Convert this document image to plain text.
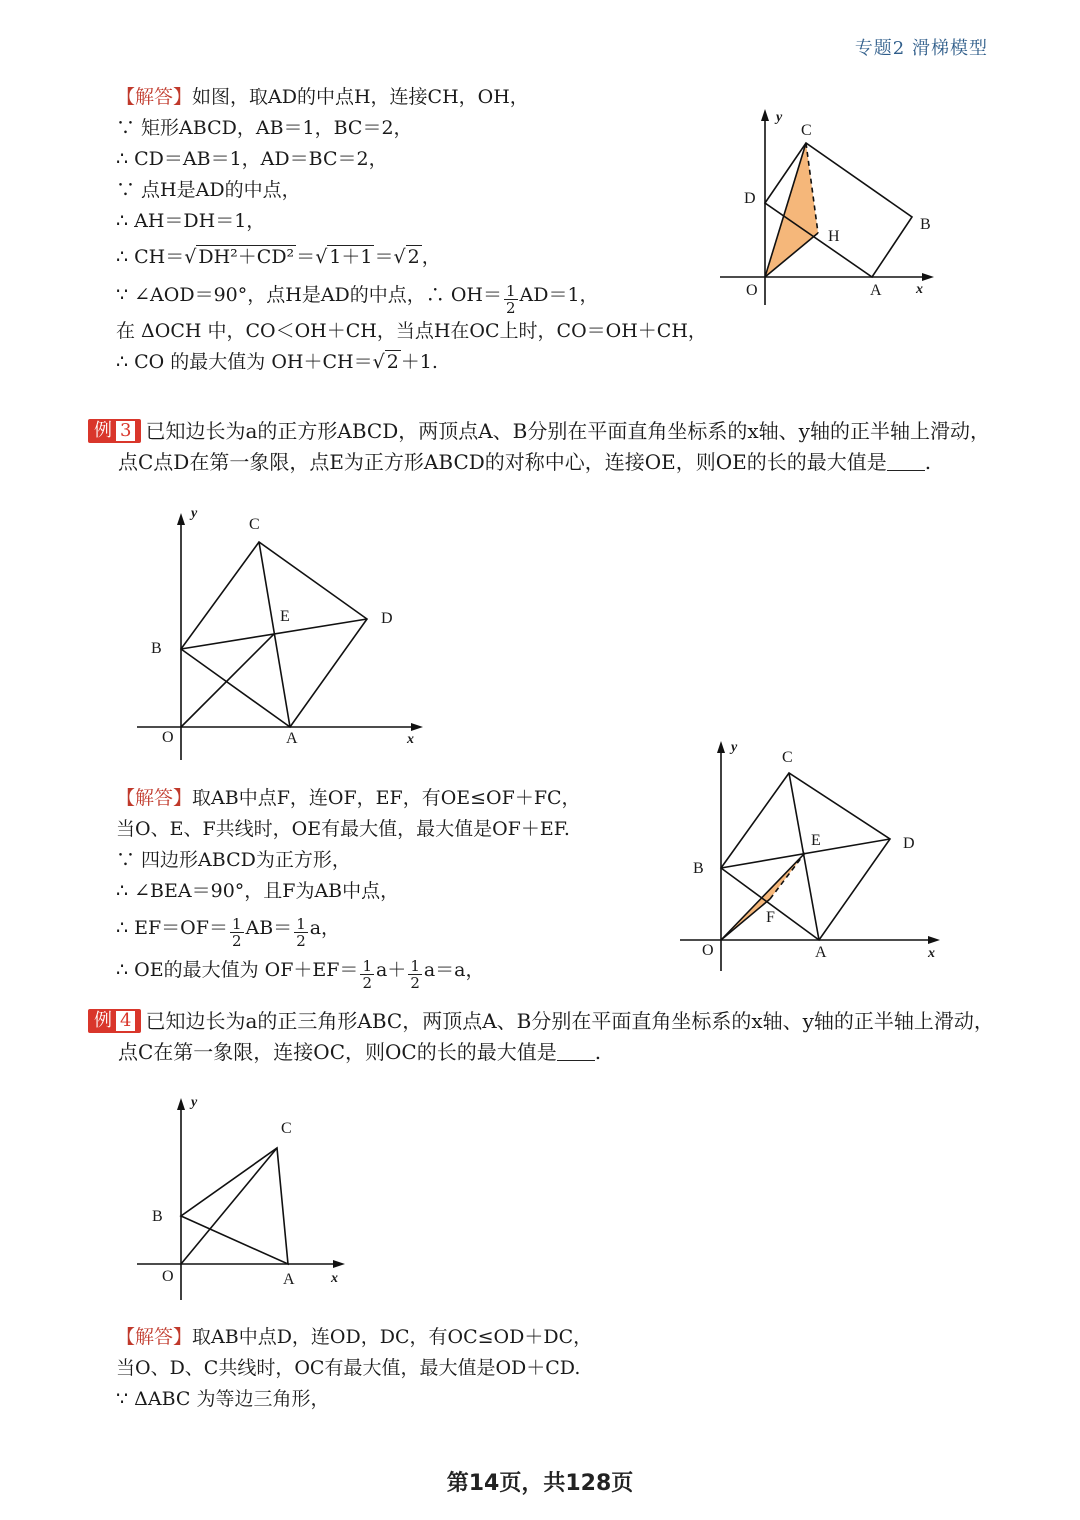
专题2 滑梯模型
【解答】如图，取AD的中点H，连接CH，OH，
∵ 矩形ABCD，AB＝1，BC＝2，
∴ CD＝AB＝1，AD＝BC＝2，
∵ 点H是AD的中点，
∴ AH＝DH＝1，
∴ CH＝√ DH²＋CD² ＝√ 1＋1 ＝√ 2 ，
∵ ∠AOD＝90°，点H是AD的中点，∴ $OH= \frac{1}{2} AD=1$，
在 ΔOCH 中，CO＜OH＋CH，当点H在OC上时，CO＝OH＋CH，
∴ CO 的最大值为 OH＋CH＝√ 2 ＋1.
y
x
O	A
B
C
D
H
例 3 已知边长为a的正方形ABCD，两顶点A、B分别在平面直角坐标系的x轴、y轴的正半轴上滑动，
点C点D在第一象限，点E为正方形ABCD的对称中心，连接OE，则OE的长的最大值是 .
y
x
O	A
B
C
D
E
【解答】取AB中点F，连OF，EF，有OE≤OF＋FC，
当O、E、F共线时，OE有最大值，最大值是OF＋EF.
∵ 四边形ABCD为正方形，
∴ ∠BEA＝90°，且F为AB中点，
∴ $EF=OF= \frac{1}{2} AB= \frac{1}{2}$ a，
∴ OE的最大值为 $OF+EF= \frac{1}{2} a+ \frac{1}{2} a=a$，
y
x
O	A
B
C
D
E
F
例 4 已知边长为a的正三角形ABC，两顶点A、B分别在平面直角坐标系的x轴、y轴的正半轴上滑动，
点C在第一象限，连接OC，则OC的长的最大值是 .
y
x
O	A
B
C
【解答】取AB中点D，连OD，DC，有OC≤OD＋DC，
当O、D、C共线时，OC有最大值，最大值是OD＋CD.
∵ ΔABC 为等边三角形，
第14页，共128页
